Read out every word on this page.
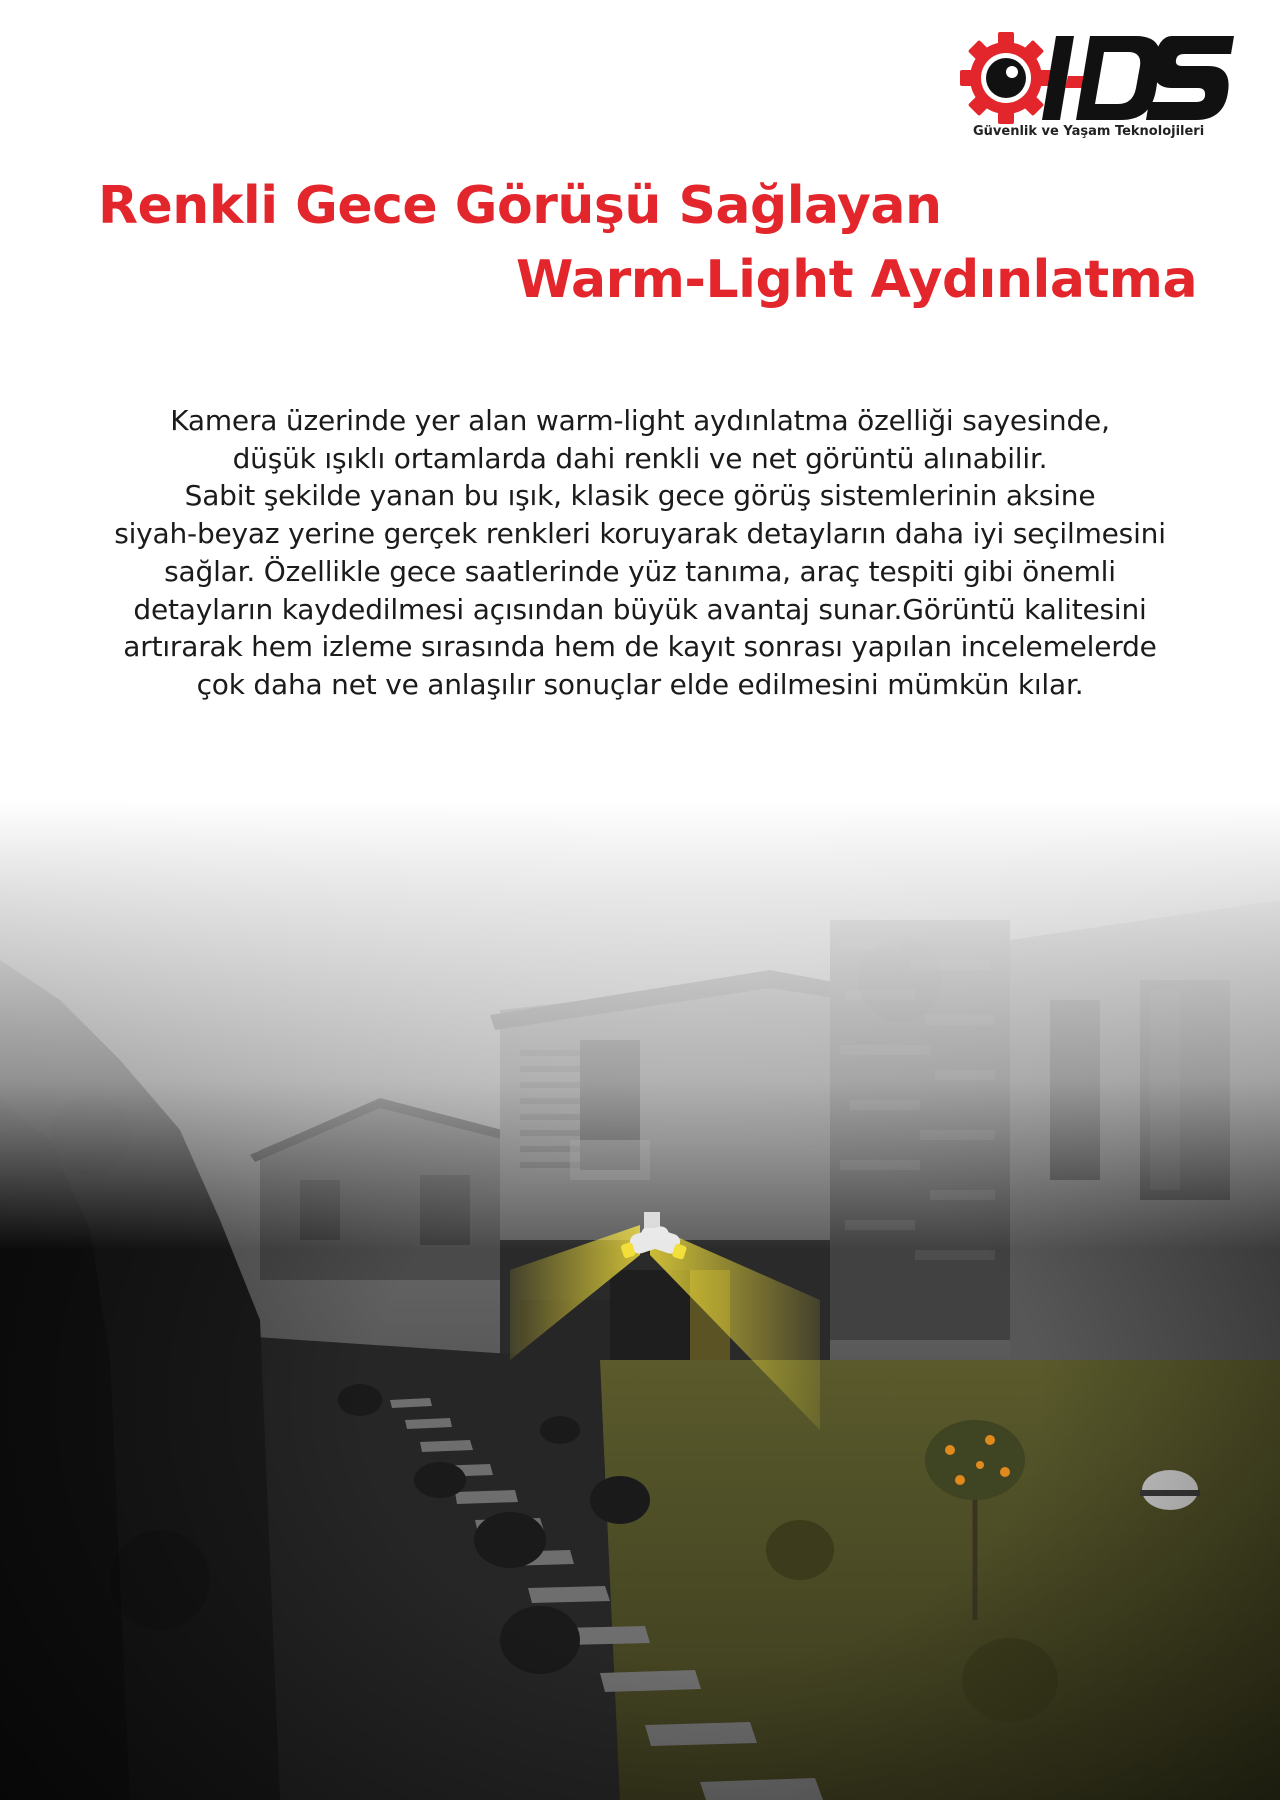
Güvenlik ve Yaşam Teknolojileri
Renkli Gece Görüşü Sağlayan
Warm-Light Aydınlatma
Kamera üzerinde yer alan warm-light aydınlatma özelliği sayesinde,
düşük ışıklı ortamlarda dahi renkli ve net görüntü alınabilir.
Sabit şekilde yanan bu ışık, klasik gece görüş sistemlerinin aksine
siyah-beyaz yerine gerçek renkleri koruyarak detayların daha iyi seçilmesini
sağlar. Özellikle gece saatlerinde yüz tanıma, araç tespiti gibi önemli
detayların kaydedilmesi açısından büyük avantaj sunar.Görüntü kalitesini
artırarak hem izleme sırasında hem de kayıt sonrası yapılan incelemelerde
çok daha net ve anlaşılır sonuçlar elde edilmesini mümkün kılar.
